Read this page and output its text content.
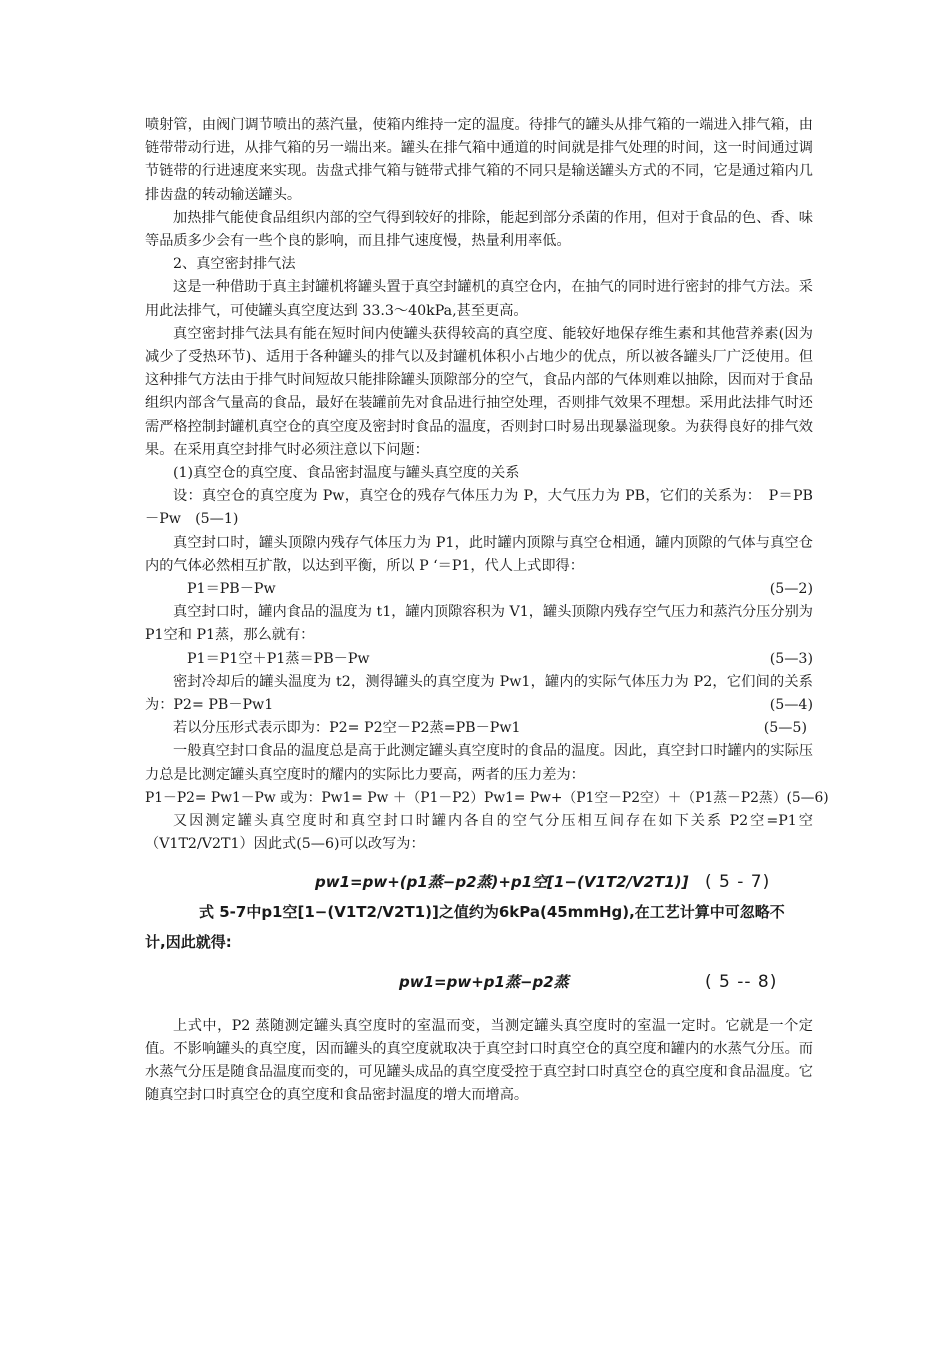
喷射管，由阀门调节喷出的蒸汽量，使箱内维持一定的温度。待排气的罐头从排气箱的一端进入排气箱，由链带带动行进，从排气箱的另一端出来。罐头在排气箱中通道的时间就是排气处理的时间，这一时间通过调节链带的行进速度来实现。齿盘式排气箱与链带式排气箱的不同只是输送罐头方式的不同，它是通过箱内几排齿盘的转动输送罐头。

加热排气能使食品组织内部的空气得到较好的排除，能起到部分杀菌的作用，但对于食品的色、香、味等品质多少会有一些个良的影响，而且排气速度慢，热量利用率低。

2、真空密封排气法

这是一种借助于真主封罐机将罐头置于真空封罐机的真空仓内，在抽气的同时进行密封的排气方法。采用此法排气，可使罐头真空度达到 33.3～40kPa,甚至更高。

真空密封排气法具有能在短时间内使罐头获得较高的真空度、能较好地保存维生素和其他营养素(因为减少了受热环节)、适用于各种罐头的排气以及封罐机体积小占地少的优点，所以被各罐头厂广泛使用。但这种排气方法由于排气时间短故只能排除罐头顶隙部分的空气，食品内部的气体则难以抽除，因而对于食品组织内部含气量高的食品，最好在装罐前先对食品进行抽空处理，否则排气效果不理想。采用此法排气时还需严格控制封罐机真空仓的真空度及密封时食品的温度，否则封口时易出现暴溢现象。为获得良好的排气效果。在采用真空封排气时必须注意以下问题：

(1)真空仓的真空度、食品密封温度与罐头真空度的关系

设：真空仓的真空度为 Pw，真空仓的残存气体压力为 P，大气压力为 PB，它们的关系为：　P＝PB－Pw　(5—1)

真空封口时，罐头顶隙内残存气体压力为 P1，此时罐内顶隙与真空仓相通，罐内顶隙的气体与真空仓内的气体必然相互扩散，以达到平衡，所以 P ‘＝P1，代人上式即得：

P1＝PB－Pw	(5—2)

真空封口时，罐内食品的温度为 t1，罐内顶隙容积为 V1，罐头顶隙内残存空气压力和蒸汽分压分别为 P1空和 P1蒸，那么就有：

P1＝P1空＋P1蒸＝PB－Pw	(5—3)
密封冷却后的罐头温度为 t2，测得罐头的真空度为 Pw1，罐内的实际气体压力为 P2，它们间的关系为：P2= PB－Pw1	(5—4)
若以分压形式表示即为：P2= P2空－P2蒸=PB－Pw1	(5—5)

一般真空封口食品的温度总是高于此测定罐头真空度时的食品的温度。因此，真空封口时罐内的实际压力总是比测定罐头真空度时的耀内的实际比力要高，两者的压力差为：

P1－P2= Pw1－Pw 或为：Pw1= Pw ＋（P1－P2）Pw1= Pw+（P1空－P2空）＋（P1蒸－P2蒸）(5—6)

又因测定罐头真空度时和真空封口时罐内各自的空气分压相互间存在如下关系 P2空=P1空（V1T2/V2T1）因此式(5—6)可以改写为：

pw1=pw+(p1蒸−p2蒸)+p1空[1−(V1T2/V2T1)] ( 5 - 7)
式 5-7中p1空[1−(V1T2/V2T1)]之值约为6kPa(45mmHg),在工艺计算中可忽略不
计,因此就得:
pw1=pw+p1蒸−p2蒸	( 5 -- 8)

上式中，P2 蒸随测定罐头真空度时的室温而变，当测定罐头真空度时的室温一定时。它就是一个定值。不影响罐头的真空度，因而罐头的真空度就取决于真空封口时真空仓的真空度和罐内的水蒸气分压。而水蒸气分压是随食品温度而变的，可见罐头成品的真空度受控于真空封口时真空仓的真空度和食品温度。它随真空封口时真空仓的真空度和食品密封温度的增大而增高。
